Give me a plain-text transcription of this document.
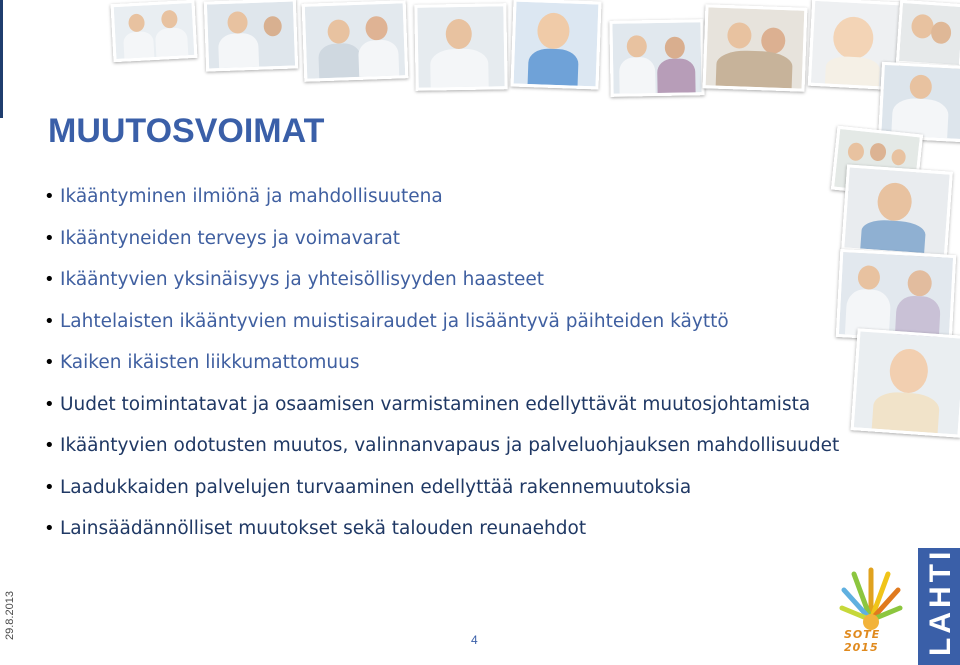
MUUTOSVOIMAT
• Ikääntyminen ilmiönä ja mahdollisuutena
• Ikääntyneiden terveys ja voimavarat
• Ikääntyvien yksinäisyys ja yhteisöllisyyden haasteet
• Lahtelaisten ikääntyvien muistisairaudet ja lisääntyvä päihteiden käyttö
• Kaiken ikäisten liikkumattomuus
• Uudet toimintatavat ja osaamisen varmistaminen edellyttävät muutosjohtamista
• Ikääntyvien odotusten muutos, valinnanvapaus ja palveluohjauksen mahdollisuudet
• Laadukkaiden palvelujen turvaaminen edellyttää rakennemuutoksia
• Lainsäädännölliset muutokset sekä talouden reunaehdot
29.8.2013	4	SOTE 2015	LAHTI
